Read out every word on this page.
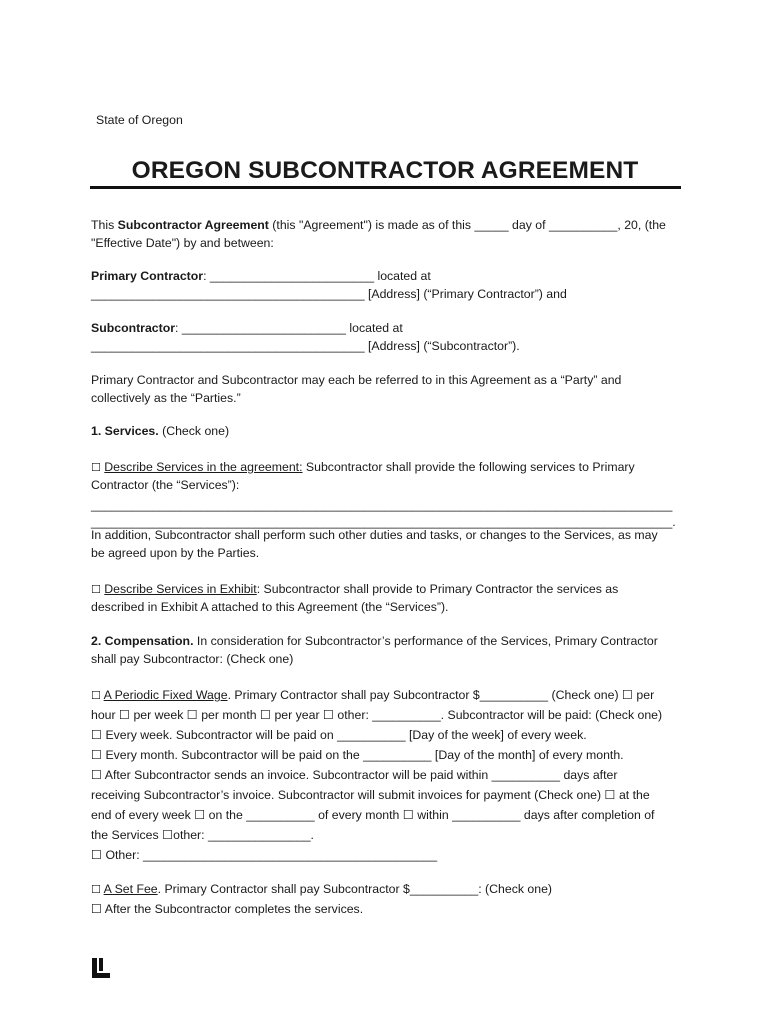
State of Oregon
OREGON SUBCONTRACTOR AGREEMENT
This Subcontractor Agreement (this "Agreement") is made as of this _____ day of __________, 20, (the
"Effective Date") by and between:
Primary Contractor: ________________________ located at
________________________________________ [Address] (“Primary Contractor”) and
Subcontractor: ________________________ located at
________________________________________ [Address] (“Subcontractor”).
Primary Contractor and Subcontractor may each be referred to in this Agreement as a “Party” and
collectively as the “Parties.”
1. Services. (Check one)
☐ Describe Services in the agreement: Subcontractor shall provide the following services to Primary
Contractor (the “Services”):
_____________________________________________________________________________________
_____________________________________________________________________________________.
In addition, Subcontractor shall perform such other duties and tasks, or changes to the Services, as may
be agreed upon by the Parties.
☐ Describe Services in Exhibit: Subcontractor shall provide to Primary Contractor the services as
described in Exhibit A attached to this Agreement (the “Services”).
2. Compensation. In consideration for Subcontractor’s performance of the Services, Primary Contractor
shall pay Subcontractor: (Check one)
☐ A Periodic Fixed Wage. Primary Contractor shall pay Subcontractor $__________ (Check one) ☐ per
hour ☐ per week ☐ per month ☐ per year ☐ other: __________. Subcontractor will be paid: (Check one)
☐ Every week. Subcontractor will be paid on __________ [Day of the week] of every week.
☐ Every month. Subcontractor will be paid on the __________ [Day of the month] of every month.
☐ After Subcontractor sends an invoice. Subcontractor will be paid within __________ days after
receiving Subcontractor’s invoice. Subcontractor will submit invoices for payment (Check one) ☐ at the
end of every week ☐ on the __________ of every month ☐ within __________ days after completion of
the Services ☐other: _______________.
☐ Other: ___________________________________________
☐ A Set Fee. Primary Contractor shall pay Subcontractor $__________: (Check one)
☐ After the Subcontractor completes the services.
